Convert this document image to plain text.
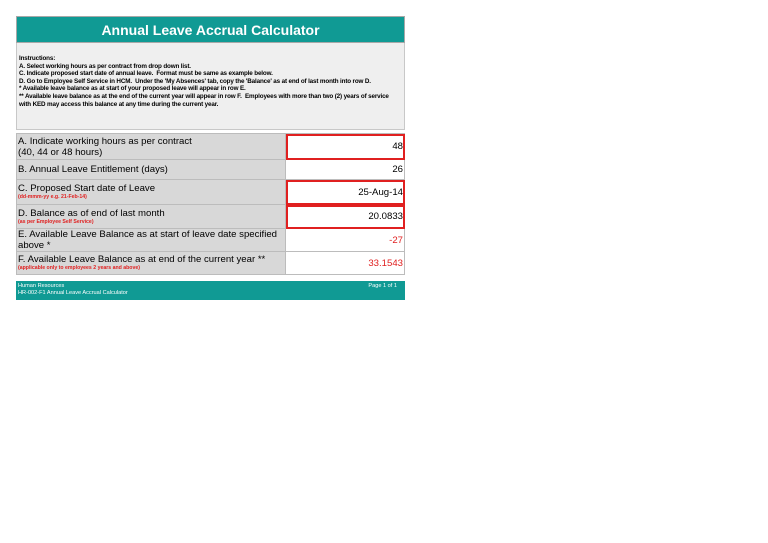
Annual Leave Accrual Calculator
Instructions:
A. Select working hours as per contract from drop down list.
C. Indicate proposed start date of annual leave.  Format must be same as example below.
D. Go to Employee Self Service in HCM.  Under the 'My Absences' tab, copy the 'Balance' as at end of last month into row D.
* Available leave balance as at start of your proposed leave will appear in row E.
** Available leave balance as at the end of the current year will appear in row F.  Employees with more than two (2) years of service with KED may access this balance at any time during the current year.
A. Indicate working hours as per contract
(40, 44 or 48 hours)	48
B. Annual Leave Entitlement (days)	26
C. Proposed Start date of Leave
(dd-mmm-yy e.g. 21-Feb-14)	25-Aug-14
D. Balance as of end of last month
(as per Employee Self Service)	20.0833
E. Available Leave Balance as at start of leave date specified above *	-27
F. Available Leave Balance as at end of the current year **
(applicable only to employees 2 years and above)	33.1543
Human Resources
HR-002-F1 Annual Leave Accrual Calculator
Page 1 of 1
